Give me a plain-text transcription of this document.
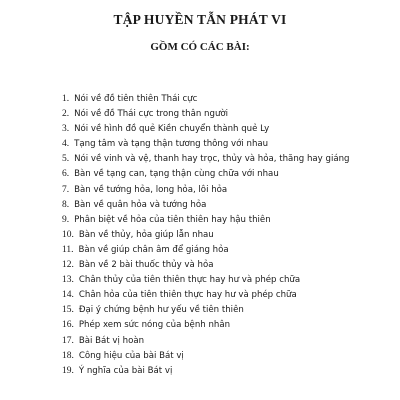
TẬP HUYỀN TẪN PHÁT VI
GỒM CÓ CÁC BÀI:
1. Nói về đồ tiên thiên Thái cực
2. Nói về đồ Thái cực trong thân người
3. Nói về hình đồ quẻ Kiền chuyển thành quẻ Ly
4. Tạng tâm và tạng thận tương thông với nhau
5. Nói về vinh và vệ, thanh hay trọc, thủy và hỏa, thăng hay giáng
6. Bàn về tạng can, tạng thận cùng chữa với nhau
7. Bàn về tướng hỏa, long hỏa, lôi hỏa
8. Bàn về quân hỏa và tướng hỏa
9. Phân biệt về hỏa của tiên thiên hay hậu thiên
10. Bàn về thủy, hỏa giúp lẫn nhau
11. Bàn về giúp chân âm để giáng hỏa
12. Bàn về 2 bài thuốc thủy và hỏa
13. Chân thủy của tiên thiên thực hay hư và phép chữa
14. Chân hỏa của tiên thiên thực hay hư và phép chữa
15. Đại ý chứng bệnh hư yếu về tiên thiên
16. Phép xem sức nóng của bệnh nhân
17. Bài Bát vị hoàn
18. Công hiệu của bài Bát vị
19. Ý nghĩa của bài Bát vị
